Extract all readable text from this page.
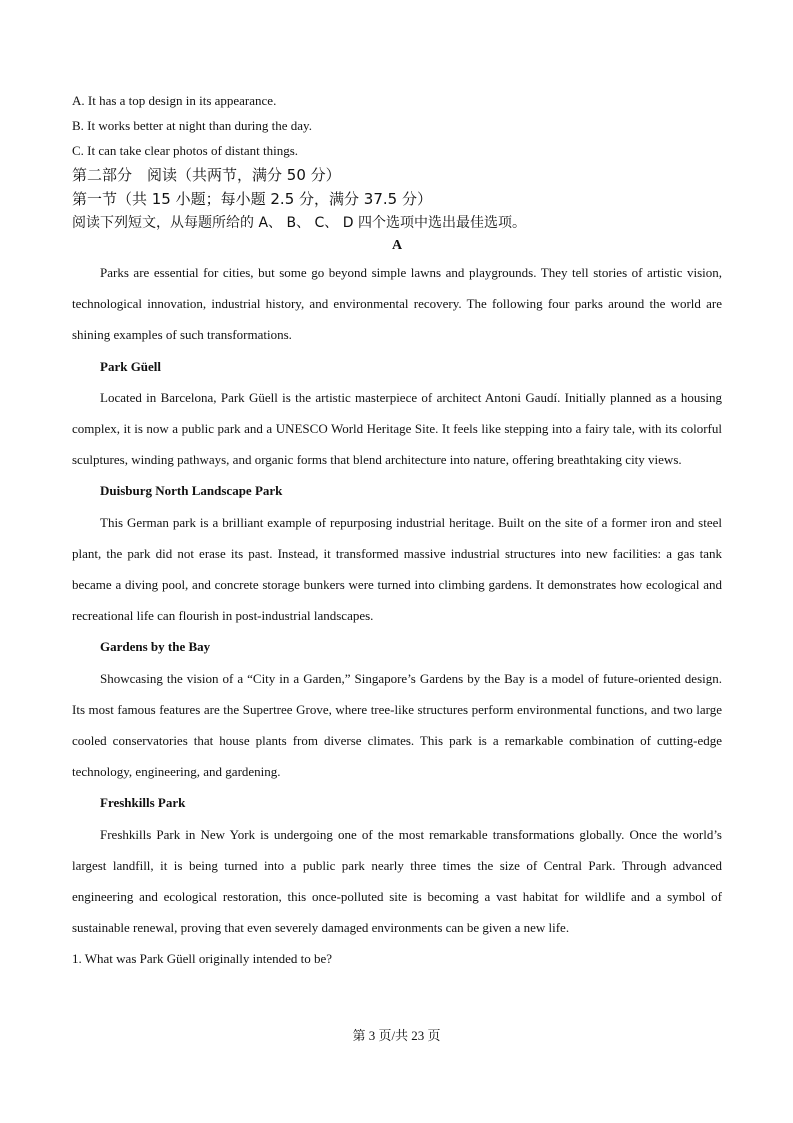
A. It has a top design in its appearance.
B. It works better at night than during the day.
C. It can take clear photos of distant things.
第二部分　阅读（共两节，满分 50 分）
第一节（共 15 小题；每小题 2.5 分，满分 37.5 分）
阅读下列短文，从每题所给的 A、 B、 C、 D 四个选项中选出最佳选项。
A

Parks are essential for cities, but some go beyond simple lawns and playgrounds. They tell stories of artistic vision, technological innovation, industrial history, and environmental recovery. The following four parks around the world are shining examples of such transformations.

Park Güell

Located in Barcelona, Park Güell is the artistic masterpiece of architect Antoni Gaudí. Initially planned as a housing complex, it is now a public park and a UNESCO World Heritage Site. It feels like stepping into a fairy tale, with its colorful sculptures, winding pathways, and organic forms that blend architecture into nature, offering breathtaking city views.

Duisburg North Landscape Park

This German park is a brilliant example of repurposing industrial heritage. Built on the site of a former iron and steel plant, the park did not erase its past. Instead, it transformed massive industrial structures into new facilities: a gas tank became a diving pool, and concrete storage bunkers were turned into climbing gardens. It demonstrates how ecological and recreational life can flourish in post-industrial landscapes.

Gardens by the Bay

Showcasing the vision of a “City in a Garden,” Singapore’s Gardens by the Bay is a model of future-oriented design. Its most famous features are the Supertree Grove, where tree-like structures perform environmental functions, and two large cooled conservatories that house plants from diverse climates. This park is a remarkable combination of cutting-edge technology, engineering, and gardening.

Freshkills Park

Freshkills Park in New York is undergoing one of the most remarkable transformations globally. Once the world’s largest landfill, it is being turned into a public park nearly three times the size of Central Park. Through advanced engineering and ecological restoration, this once-polluted site is becoming a vast habitat for wildlife and a symbol of sustainable renewal, proving that even severely damaged environments can be given a new life.

1. What was Park Güell originally intended to be?

第 3 页/共 23 页
